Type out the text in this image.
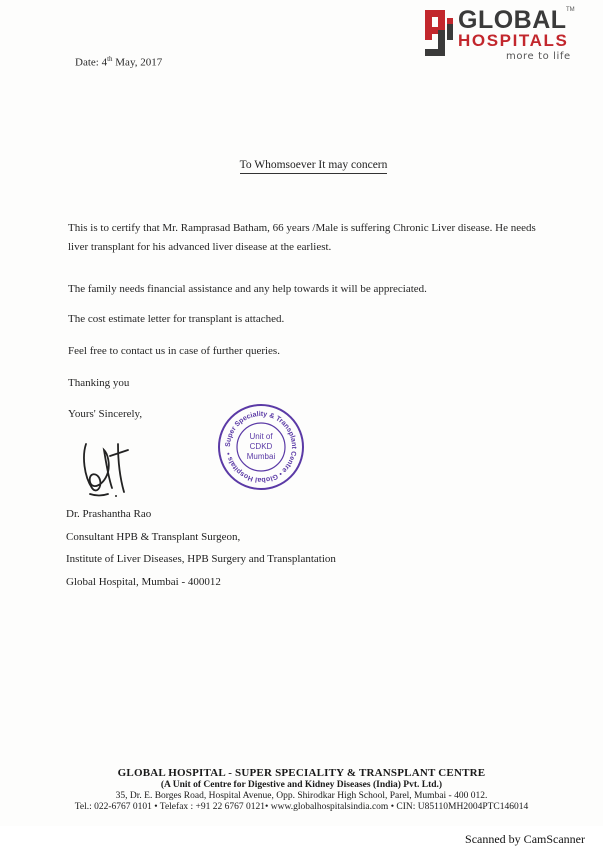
GLOBAL TM
HOSPITALS
more to life
Date: 4th May, 2017
To Whomsoever It may concern
This is to certify that Mr. Ramprasad Batham, 66 years /Male is suffering Chronic Liver disease. He needs liver transplant for his advanced liver disease at the earliest.
The family needs financial assistance and any help towards it will be appreciated.
The cost estimate letter for transplant is attached.
Feel free to contact us in case of further queries.
Thanking you
Yours' Sincerely,
Super Speciality & Transplant Centre • Global Hospitals •
Unit of
CDKD
Mumbai
Dr. Prashantha Rao
Consultant HPB & Transplant Surgeon,
Institute of Liver Diseases, HPB Surgery and Transplantation
Global Hospital, Mumbai - 400012
GLOBAL HOSPITAL - SUPER SPECIALITY & TRANSPLANT CENTRE
(A Unit of Centre for Digestive and Kidney Diseases (India) Pvt. Ltd.)
35, Dr. E. Borges Road, Hospital Avenue, Opp. Shirodkar High School, Parel, Mumbai - 400 012.
Tel.: 022-6767 0101 • Telefax : +91 22 6767 0121• www.globalhospitalsindia.com • CIN: U85110MH2004PTC146014
Scanned by CamScanner
